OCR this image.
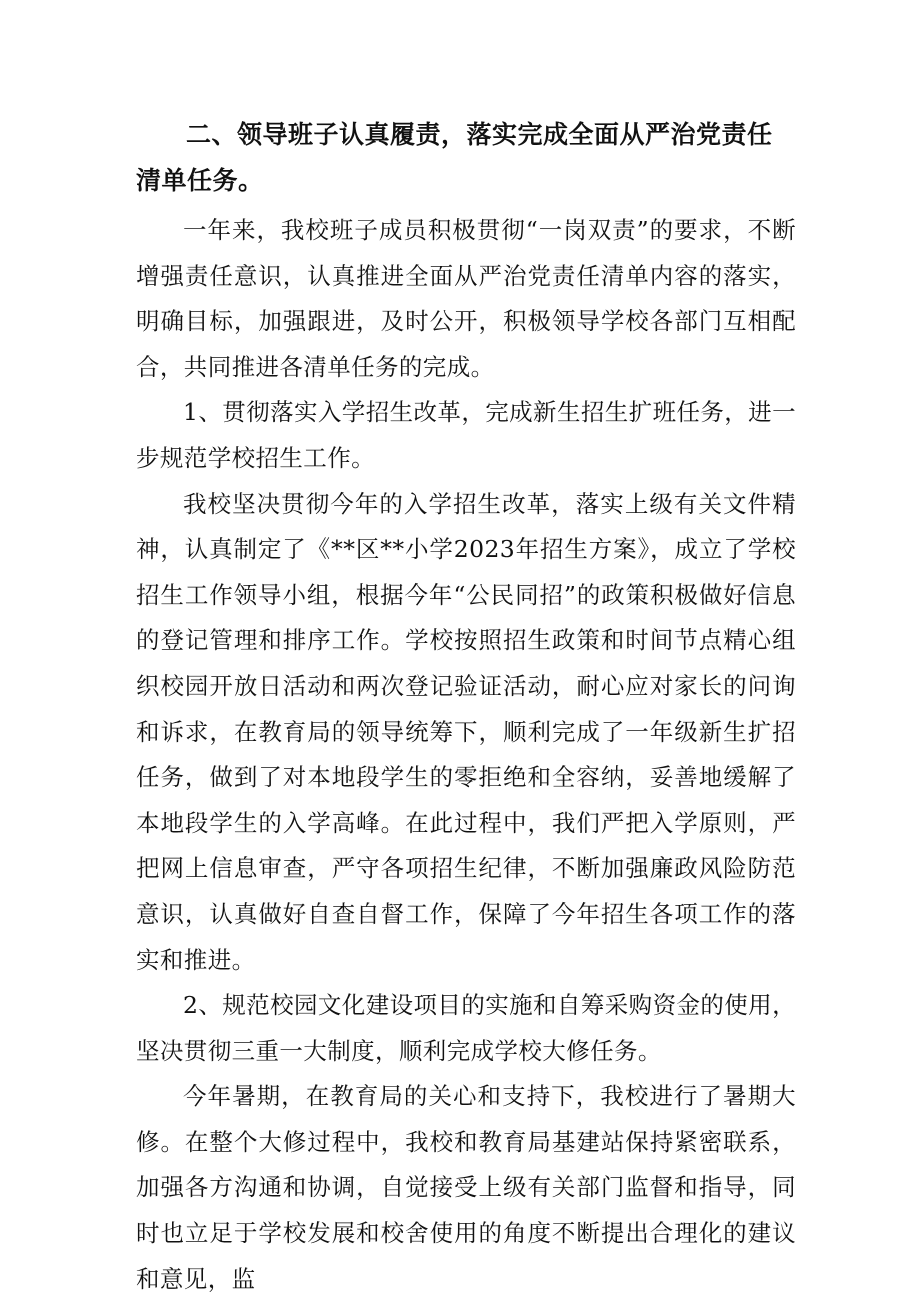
二、领导班子认真履责，落实完成全面从严治党责任清单任务。

一年来，我校班子成员积极贯彻“一岗双责”的要求，不断增强责任意识，认真推进全面从严治党责任清单内容的落实，明确目标，加强跟进，及时公开，积极领导学校各部门互相配合，共同推进各清单任务的完成。

1、贯彻落实入学招生改革，完成新生招生扩班任务，进一步规范学校招生工作。

我校坚决贯彻今年的入学招生改革，落实上级有关文件精神，认真制定了《**区**小学2023年招生方案》，成立了学校招生工作领导小组，根据今年“公民同招”的政策积极做好信息的登记管理和排序工作。学校按照招生政策和时间节点精心组织校园开放日活动和两次登记验证活动，耐心应对家长的问询和诉求，在教育局的领导统筹下，顺利完成了一年级新生扩招任务，做到了对本地段学生的零拒绝和全容纳，妥善地缓解了本地段学生的入学高峰。在此过程中，我们严把入学原则，严把网上信息审查，严守各项招生纪律，不断加强廉政风险防范意识，认真做好自查自督工作，保障了今年招生各项工作的落实和推进。

2、规范校园文化建设项目的实施和自筹采购资金的使用，坚决贯彻三重一大制度，顺利完成学校大修任务。

今年暑期，在教育局的关心和支持下，我校进行了暑期大修。在整个大修过程中，我校和教育局基建站保持紧密联系，加强各方沟通和协调，自觉接受上级有关部门监督和指导，同时也立足于学校发展和校舍使用的角度不断提出合理化的建议和意见，监
